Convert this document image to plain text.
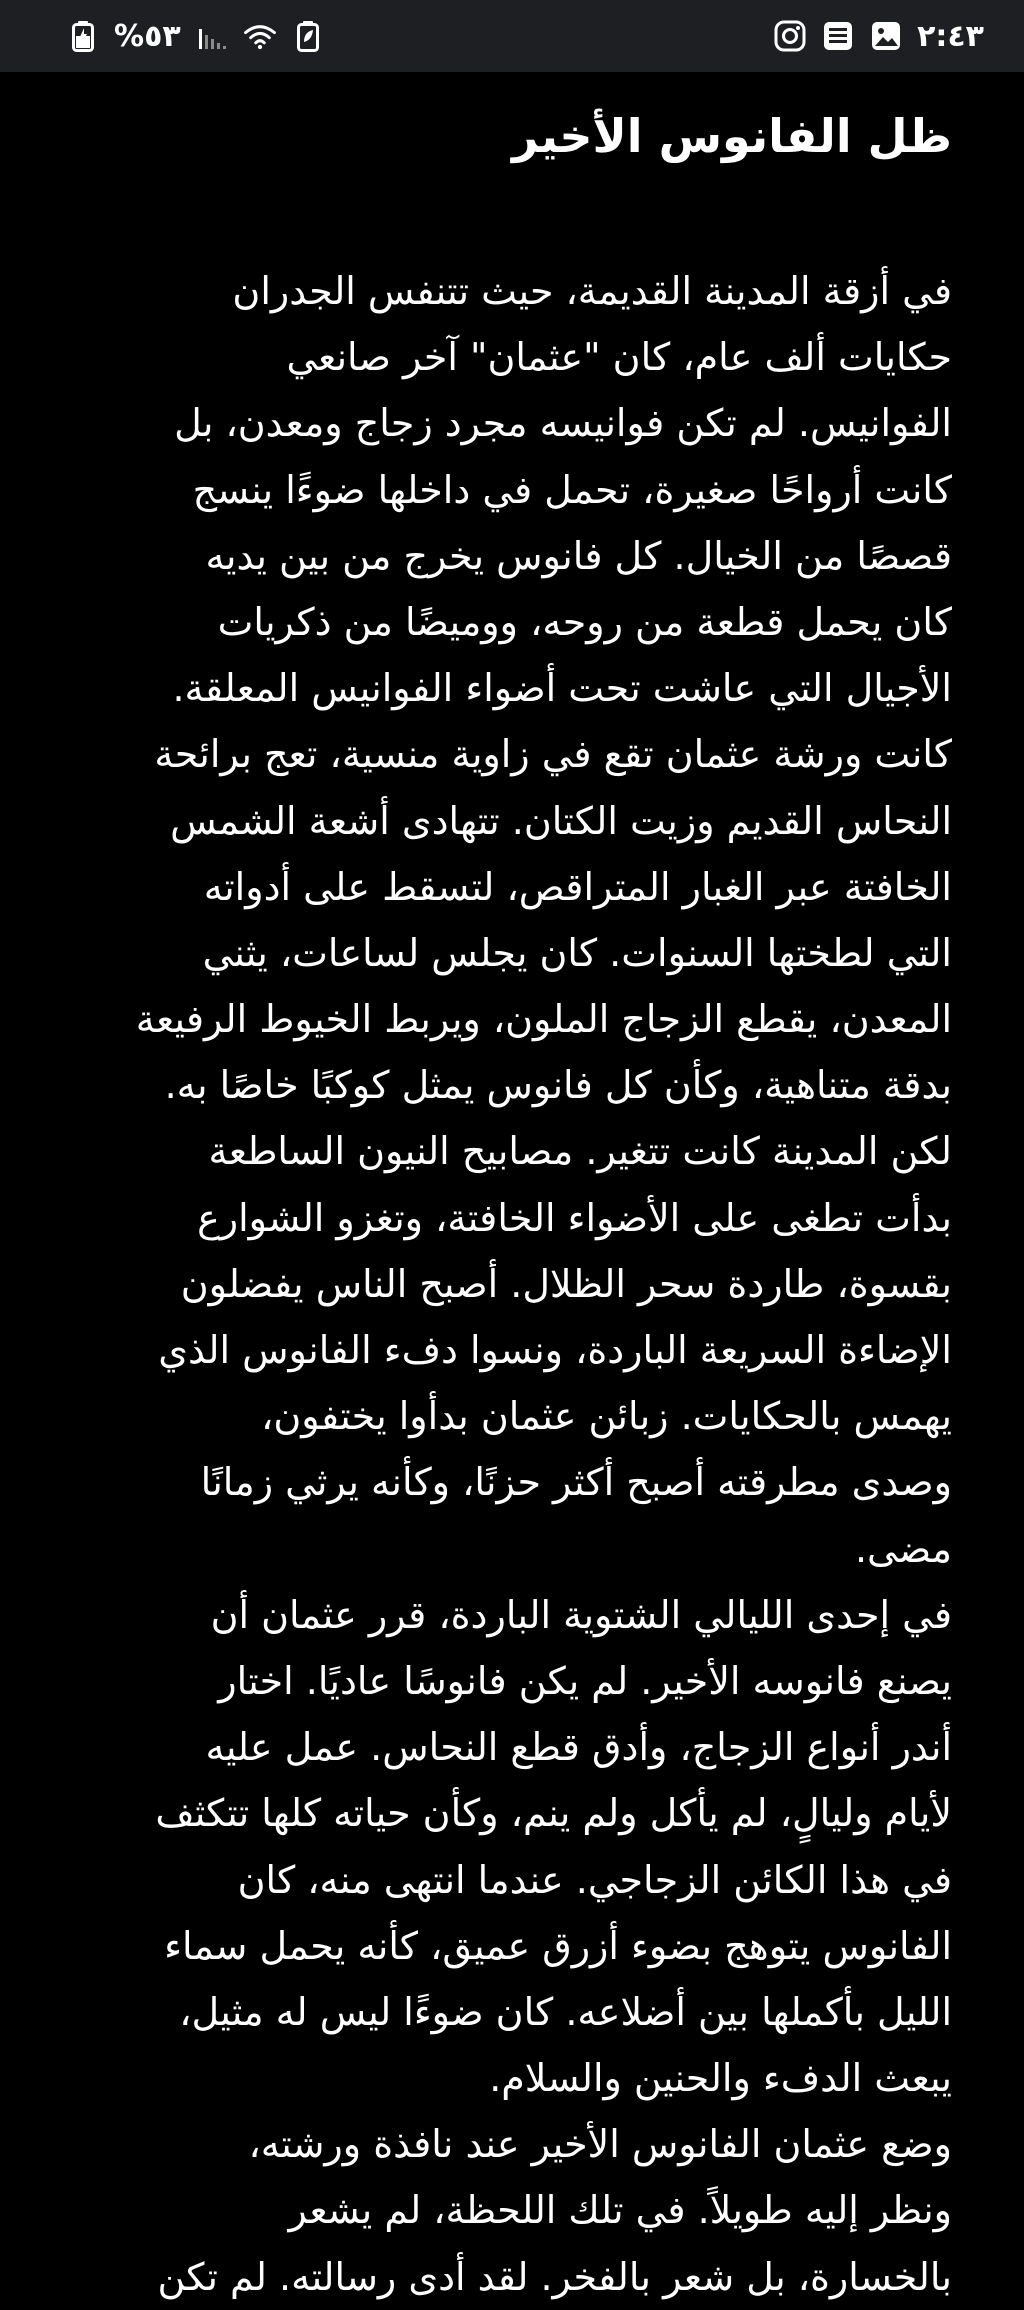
%٥٣	٢:٤٣
ظل الفانوس الأخير
في أزقة المدينة القديمة، حيث تتنفس الجدران
حكايات ألف عام، كان "عثمان" آخر صانعي
الفوانيس. لم تكن فوانيسه مجرد زجاج ومعدن، بل
كانت أرواحًا صغيرة، تحمل في داخلها ضوءًا ينسج
قصصًا من الخيال. كل فانوس يخرج من بين يديه
كان يحمل قطعة من روحه، ووميضًا من ذكريات
الأجيال التي عاشت تحت أضواء الفوانيس المعلقة.
كانت ورشة عثمان تقع في زاوية منسية، تعج برائحة
النحاس القديم وزيت الكتان. تتهادى أشعة الشمس
الخافتة عبر الغبار المتراقص، لتسقط على أدواته
التي لطختها السنوات. كان يجلس لساعات، يثني
المعدن، يقطع الزجاج الملون، ويربط الخيوط الرفيعة
بدقة متناهية، وكأن كل فانوس يمثل كوكبًا خاصًا به.
لكن المدينة كانت تتغير. مصابيح النيون الساطعة
بدأت تطغى على الأضواء الخافتة، وتغزو الشوارع
بقسوة، طاردة سحر الظلال. أصبح الناس يفضلون
الإضاءة السريعة الباردة، ونسوا دفء الفانوس الذي
يهمس بالحكايات. زبائن عثمان بدأوا يختفون،
وصدى مطرقته أصبح أكثر حزنًا، وكأنه يرثي زمانًا
مضى.
في إحدى الليالي الشتوية الباردة، قرر عثمان أن
يصنع فانوسه الأخير. لم يكن فانوسًا عاديًا. اختار
أندر أنواع الزجاج، وأدق قطع النحاس. عمل عليه
لأيام وليالٍ، لم يأكل ولم ينم، وكأن حياته كلها تتكثف
في هذا الكائن الزجاجي. عندما انتهى منه، كان
الفانوس يتوهج بضوء أزرق عميق، كأنه يحمل سماء
الليل بأكملها بين أضلاعه. كان ضوءًا ليس له مثيل،
يبعث الدفء والحنين والسلام.
وضع عثمان الفانوس الأخير عند نافذة ورشته،
ونظر إليه طويلاً. في تلك اللحظة، لم يشعر
بالخسارة، بل شعر بالفخر. لقد أدى رسالته. لم تكن
